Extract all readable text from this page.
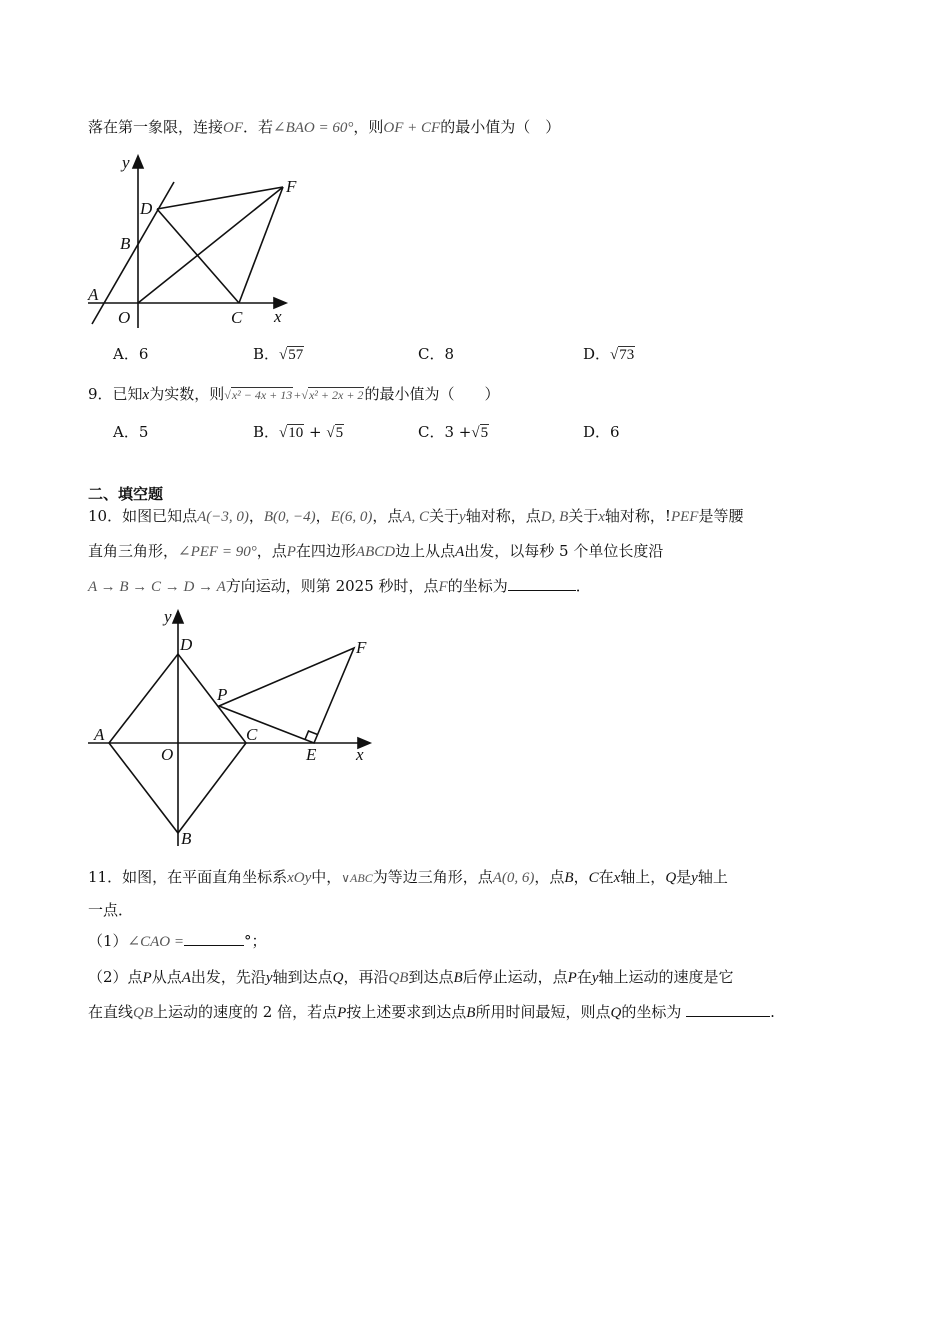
落在第一象限，连接OF．若∠BAO = 60°，则OF + CF的最小值为（　）
y
x
D
F
B
A
O	C
A．6	B．√57	C．8	D．√73
9．已知x为实数，则√x² − 4x + 13+√x² + 2x + 2的最小值为（　　）
A．5	B．√10 + √5	C．3 +√5	D．6
二、填空题
10．如图已知点A(−3, 0)，B(0, −4)，E(6, 0)，点A, C关于y轴对称，点D, B关于x轴对称，!PEF是等腰
直角三角形，∠PEF = 90°，点P在四边形ABCD边上从点A出发，以每秒 5 个单位长度沿
A → B → C → D → A方向运动，则第 2025 秒时，点F的坐标为	．
y
x
D	F
P
A
O
C
E
B
11．如图，在平面直角坐标系xOy中，∨ABC为等边三角形，点A(0, 6)，点B，C在x轴上，Q是y轴上
一点．
（1）∠CAO =	°；
（2）点P从点A出发，先沿y轴到达点Q，再沿QB到达点B后停止运动，点P在y轴上运动的速度是它
在直线QB上运动的速度的 2 倍，若点P按上述要求到达点B所用时间最短，则点Q的坐标为	.
